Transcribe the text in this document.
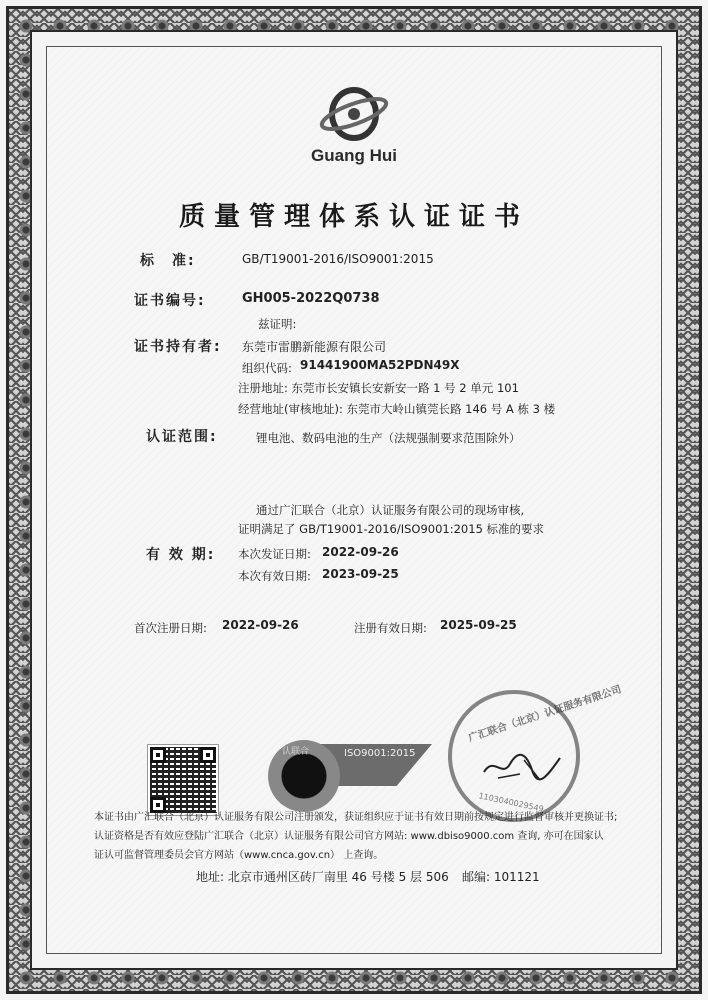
Guang Hui
质量管理体系认证证书
标　准:	GB/T19001-2016/ISO9001:2015
证书编号:	GH005-2022Q0738
兹证明:
证书持有者: 东莞市雷鹏新能源有限公司
组织代码: 91441900MA52PDN49X
注册地址: 东莞市长安镇长安新安一路 1 号 2 单元 101
经营地址(审核地址): 东莞市大岭山镇莞长路 146 号 A 栋 3 楼
认证范围:	锂电池、数码电池的生产（法规强制要求范围除外）
通过广汇联合（北京）认证服务有限公司的现场审核,
证明满足了 GB/T19001-2016/ISO9001:2015 标准的要求
有 效 期: 本次发证日期: 2022-09-26
本次有效日期: 2023-09-25
首次注册日期: 2022-09-26	注册有效日期: 2025-09-25
认联合	ISO9001:2015
广汇联合（北京）认证服务有限公司
1103040029549
本证书由广汇联合（北京）认证服务有限公司注册颁发，获证组织应于证书有效日期前按规定进行监督审核并更换证书;
认证资格是否有效应登陆广汇联合（北京）认证服务有限公司官方网站: www.dbiso9000.com 查询, 亦可在国家认
证认可监督管理委员会官方网站（www.cnca.gov.cn） 上查询。
地址: 北京市通州区砖厂南里 46 号楼 5 层 506 邮编: 101121
